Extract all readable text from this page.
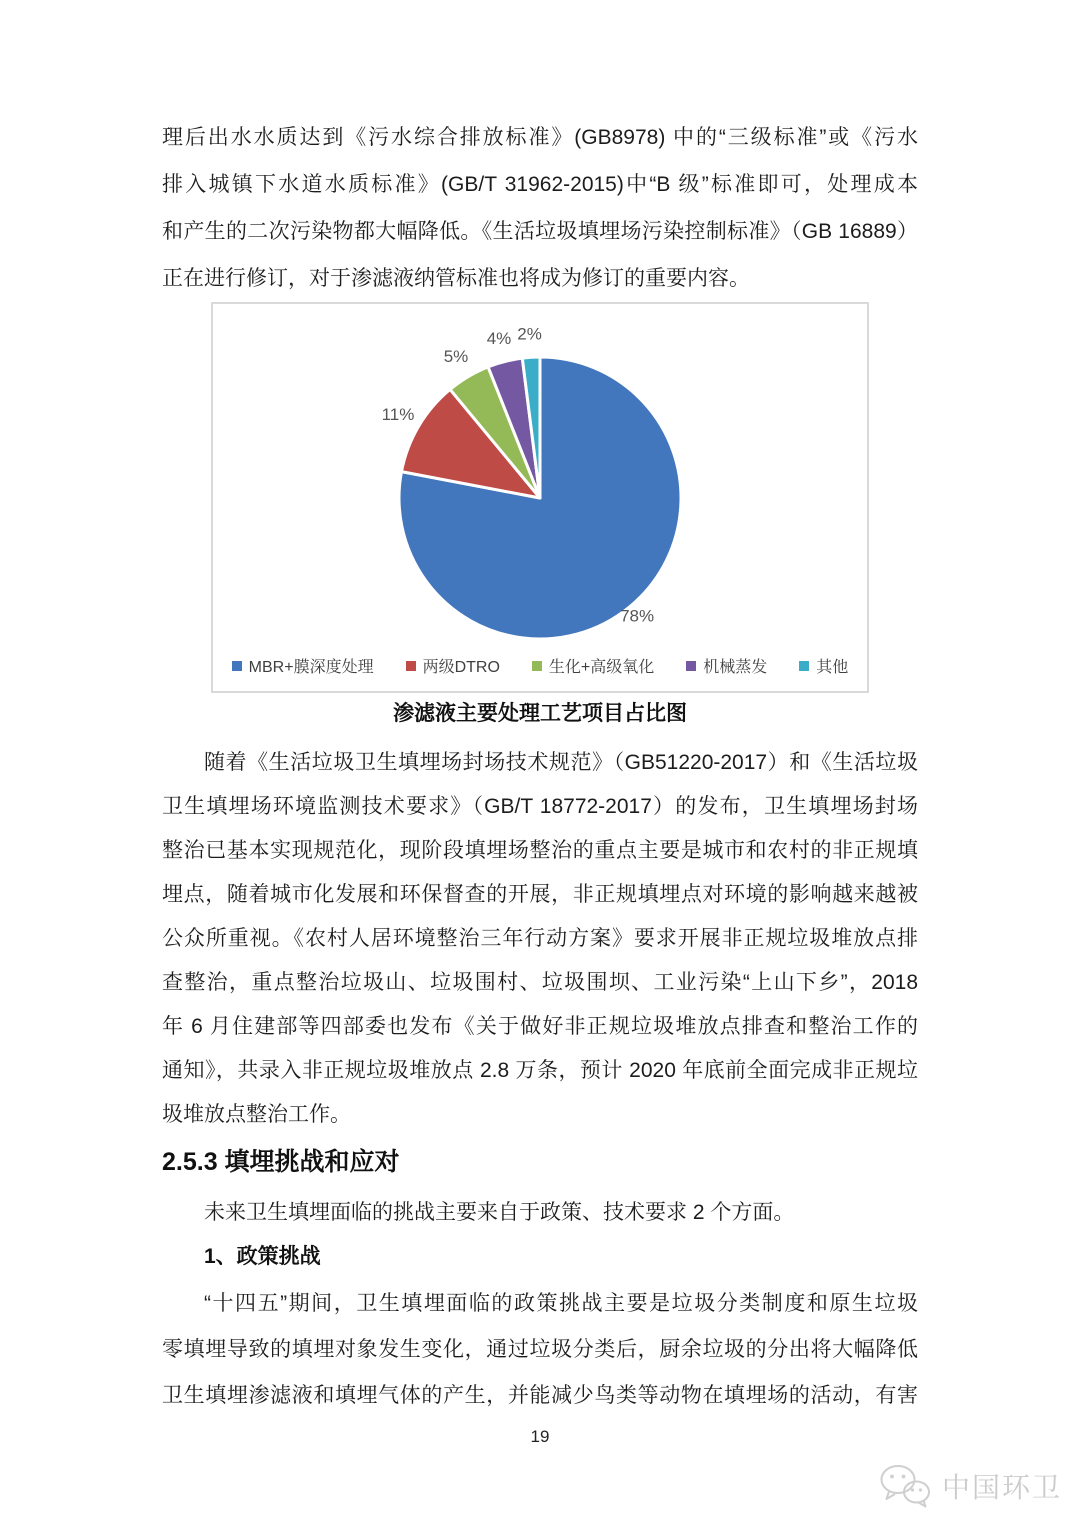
理后出水水质达到《污水综合排放标准》(GB8978) 中的“三级标准”或《污水
排入城镇下水道水质标准》(GB/T 31962-2015)中“B 级”标准即可，处理成本
和产生的二次污染物都大幅降低。《生活垃圾填埋场污染控制标准》（GB 16889）
正在进行修订，对于渗滤液纳管标准也将成为修订的重要内容。
78%
11%
5%
4% 2%
MBR+膜深度处理	两级DTRO	生化+高级氧化	机械蒸发	其他
渗滤液主要处理工艺项目占比图
随着《生活垃圾卫生填埋场封场技术规范》（GB51220-2017）和《生活垃圾
卫生填埋场环境监测技术要求》（GB/T 18772-2017）的发布，卫生填埋场封场
整治已基本实现规范化，现阶段填埋场整治的重点主要是城市和农村的非正规填
埋点，随着城市化发展和环保督查的开展，非正规填埋点对环境的影响越来越被
公众所重视。《农村人居环境整治三年行动方案》要求开展非正规垃圾堆放点排
查整治，重点整治垃圾山、垃圾围村、垃圾围坝、工业污染“上山下乡”，2018
年 6 月住建部等四部委也发布《关于做好非正规垃圾堆放点排查和整治工作的
通知》，共录入非正规垃圾堆放点 2.8 万条，预计 2020 年底前全面完成非正规垃
圾堆放点整治工作。
2.5.3 填埋挑战和应对
未来卫生填埋面临的挑战主要来自于政策、技术要求 2 个方面。
1、政策挑战
“十四五”期间，卫生填埋面临的政策挑战主要是垃圾分类制度和原生垃圾
零填埋导致的填埋对象发生变化，通过垃圾分类后，厨余垃圾的分出将大幅降低
卫生填埋渗滤液和填埋气体的产生，并能减少鸟类等动物在填埋场的活动，有害
19
中国环卫
